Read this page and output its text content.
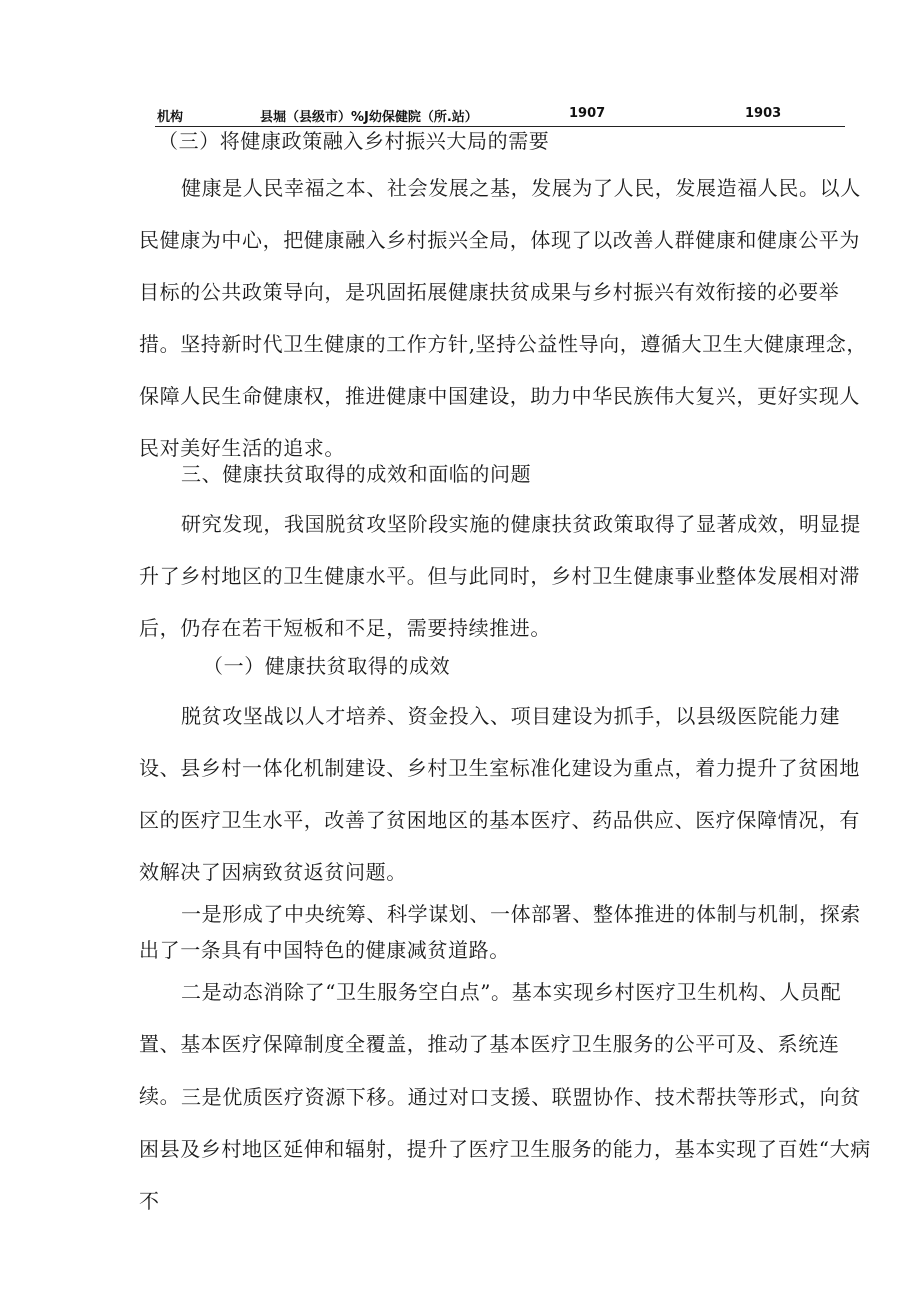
机构	县堀（县级市）%J幼保健院（所.站）	1907	1903

（三）将健康政策融入乡村振兴大局的需要

健康是人民幸福之本、社会发展之基，发展为了人民，发展造福人民。以人民健康为中心，把健康融入乡村振兴全局，体现了以改善人群健康和健康公平为目标的公共政策导向，是巩固拓展健康扶贫成果与乡村振兴有效衔接的必要举措。坚持新时代卫生健康的工作方针,坚持公益性导向，遵循大卫生大健康理念，保障人民生命健康权，推进健康中国建设，助力中华民族伟大复兴，更好实现人民对美好生活的追求。

三、健康扶贫取得的成效和面临的问题

研究发现，我国脱贫攻坚阶段实施的健康扶贫政策取得了显著成效，明显提升了乡村地区的卫生健康水平。但与此同时，乡村卫生健康事业整体发展相对滞后，仍存在若干短板和不足，需要持续推进。

（一）健康扶贫取得的成效

脱贫攻坚战以人才培养、资金投入、项目建设为抓手，以县级医院能力建设、县乡村一体化机制建设、乡村卫生室标准化建设为重点，着力提升了贫困地区的医疗卫生水平，改善了贫困地区的基本医疗、药品供应、医疗保障情况，有效解决了因病致贫返贫问题。

一是形成了中央统筹、科学谋划、一体部署、整体推进的体制与机制，探索出了一条具有中国特色的健康减贫道路。

二是动态消除了“卫生服务空白点”。基本实现乡村医疗卫生机构、人员配置、基本医疗保障制度全覆盖，推动了基本医疗卫生服务的公平可及、系统连续。 三是优质医疗资源下移。通过对口支援、联盟协作、技术帮扶等形式，向贫困县及乡村地区延伸和辐射，提升了医疗卫生服务的能力，基本实现了百姓“大病不
